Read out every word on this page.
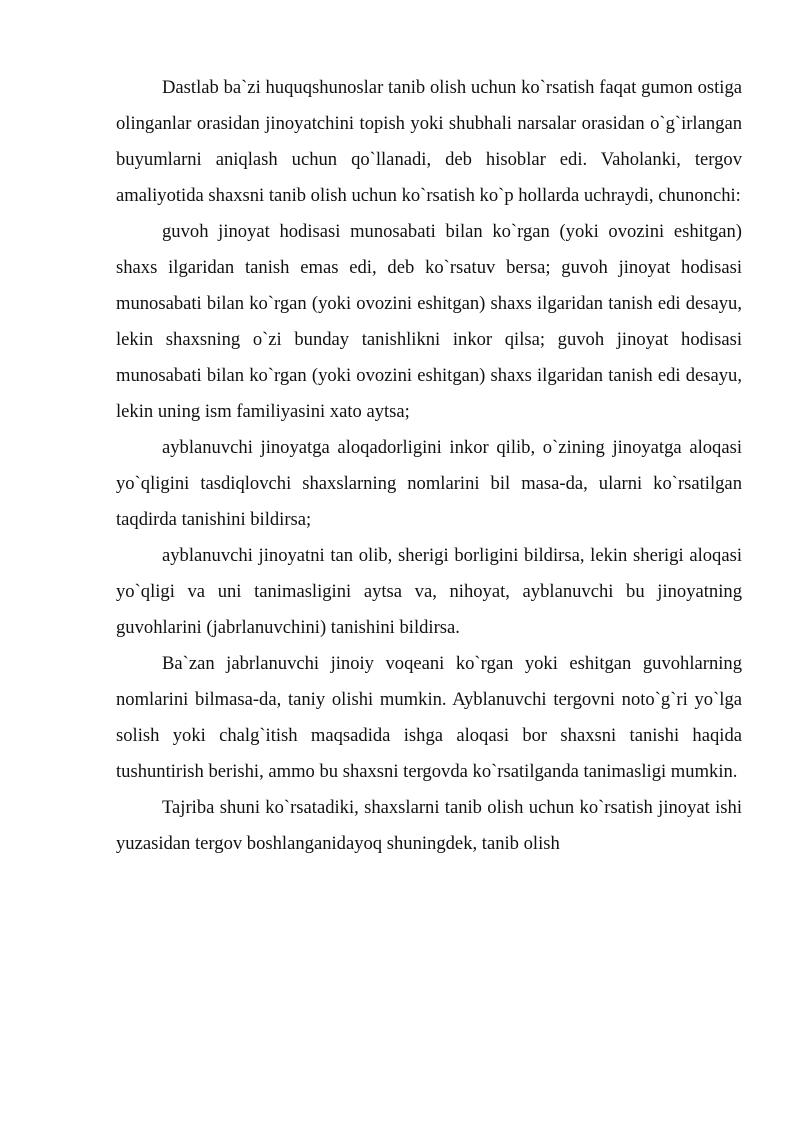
Dastlab ba`zi huquqshunoslar tanib olish uchun ko`rsatish faqat gumon ostiga olinganlar orasidan jinoyatchini topish yoki shubhali narsalar orasidan o`g`irlangan buyumlarni aniqlash uchun qo`llanadi, deb hisoblar edi. Vaholanki, tergov amaliyotida shaxsni tanib olish uchun ko`rsatish ko`p hollarda uchraydi, chunonchi:

guvoh jinoyat hodisasi munosabati bilan ko`rgan (yoki ovozini eshitgan) shaxs ilgaridan tanish emas edi, deb ko`rsatuv bersa; guvoh jinoyat hodisasi munosabati bilan ko`rgan (yoki ovozini eshitgan) shaxs ilgaridan tanish edi desayu, lekin shaxsning o`zi bunday tanishlikni inkor qilsa; guvoh jinoyat hodisasi munosabati bilan ko`rgan (yoki ovozini eshitgan) shaxs ilgaridan tanish edi desayu, lekin uning ism familiyasini xato aytsa;

ayblanuvchi jinoyatga aloqadorligini inkor qilib, o`zining jinoyatga aloqasi yo`qligini tasdiqlovchi shaxslarning nomlarini bil masa-da, ularni ko`rsatilgan taqdirda tanishini bildirsa;

ayblanuvchi jinoyatni tan olib, sherigi borligini bildirsa, lekin sherigi aloqasi yo`qligi va uni tanimasligini aytsa va, nihoyat, ayblanuvchi bu jinoyatning guvohlarini (jabrlanuvchini) tanishini bildirsa.

Ba`zan jabrlanuvchi jinoiy voqeani ko`rgan yoki eshitgan guvohlarning nomlarini bilmasa-da, taniy olishi mumkin. Ayblanuvchi tergovni noto`g`ri yo`lga solish yoki chalg`itish maqsadida ishga aloqasi bor shaxsni tanishi haqida tushuntirish berishi, ammo bu shaxsni tergovda ko`rsatilganda tanimasligi mumkin.

Tajriba shuni ko`rsatadiki, shaxslarni tanib olish uchun ko`rsatish jinoyat ishi yuzasidan tergov boshlanganidayoq shuningdek, tanib olish
